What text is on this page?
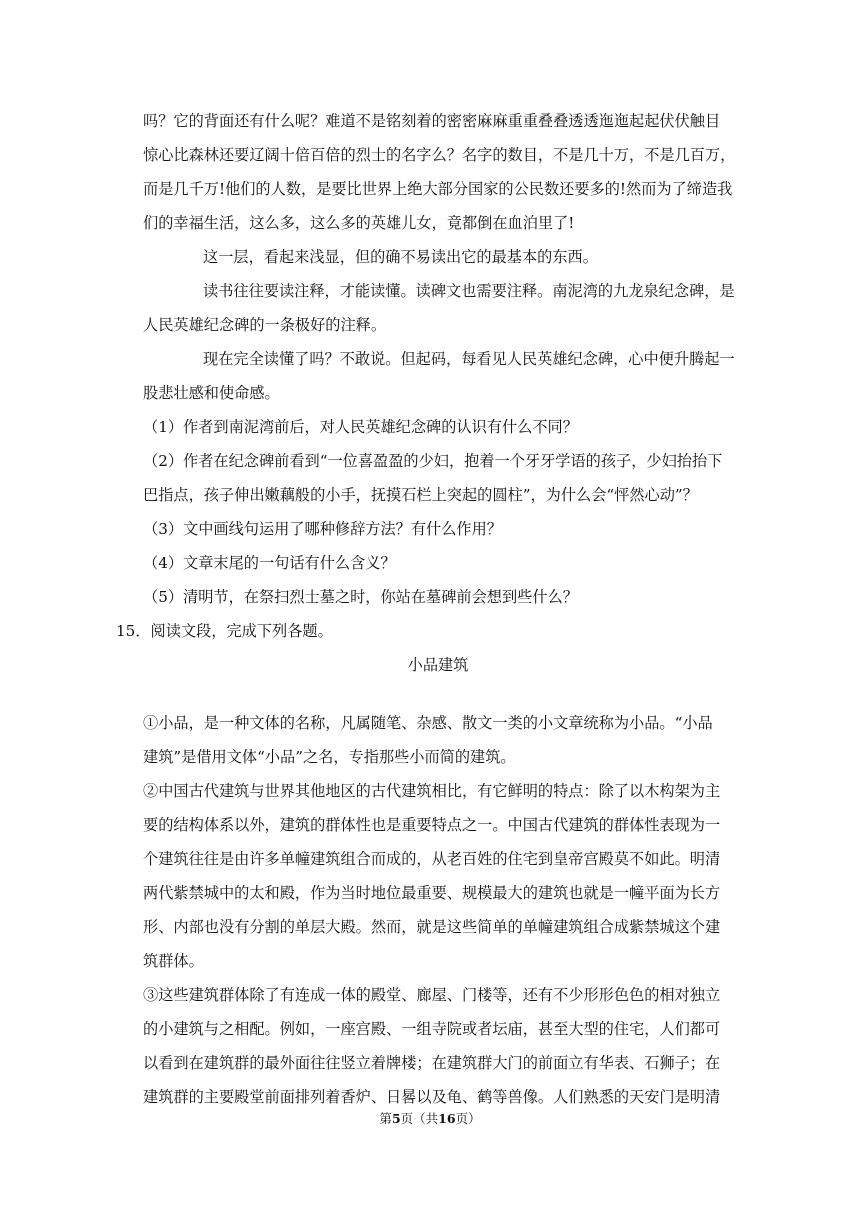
吗？它的背面还有什么呢？难道不是铭刻着的密密麻麻重重叠叠透透迤迤起起伏伏触目
惊心比森林还要辽阔十倍百倍的烈士的名字么？名字的数目，不是几十万，不是几百万，
而是几千万!他们的人数，是要比世界上绝大部分国家的公民数还要多的!然而为了缔造我
们的幸福生活，这么多，这么多的英雄儿女，竟都倒在血泊里了!
这一层，看起来浅显，但的确不易读出它的最基本的东西。
读书往往要读注释，才能读懂。读碑文也需要注释。南泥湾的九龙泉纪念碑，是
人民英雄纪念碑的一条极好的注释。
现在完全读懂了吗？不敢说。但起码，每看见人民英雄纪念碑，心中便升腾起一
股悲壮感和使命感。
（1）作者到南泥湾前后，对人民英雄纪念碑的认识有什么不同？
（2）作者在纪念碑前看到“一位喜盈盈的少妇，抱着一个牙牙学语的孩子，少妇抬抬下
巴指点，孩子伸出嫩藕般的小手，抚摸石栏上突起的圆柱”，为什么会“怦然心动”？
（3）文中画线句运用了哪种修辞方法？有什么作用？
（4）文章末尾的一句话有什么含义？
（5）清明节，在祭扫烈士墓之时，你站在墓碑前会想到些什么？
15．阅读文段，完成下列各题。
小品建筑
①小品，是一种文体的名称，凡属随笔、杂感、散文一类的小文章统称为小品。“小品
建筑”是借用文体“小品”之名，专指那些小而简的建筑。
②中国古代建筑与世界其他地区的古代建筑相比，有它鲜明的特点：除了以木构架为主
要的结构体系以外，建筑的群体性也是重要特点之一。中国古代建筑的群体性表现为一
个建筑往往是由许多单幢建筑组合而成的，从老百姓的住宅到皇帝宫殿莫不如此。明清
两代紫禁城中的太和殿，作为当时地位最重要、规模最大的建筑也就是一幢平面为长方
形、内部也没有分割的单层大殿。然而，就是这些简单的单幢建筑组合成紫禁城这个建
筑群体。
③这些建筑群体除了有连成一体的殿堂、廊屋、门楼等，还有不少形形色色的相对独立
的小建筑与之相配。例如，一座宫殿、一组寺院或者坛庙，甚至大型的住宅，人们都可
以看到在建筑群的最外面往往竖立着牌楼；在建筑群大门的前面立有华表、石狮子；在
建筑群的主要殿堂前面排列着香炉、日晷以及龟、鹤等兽像。人们熟悉的天安门是明清
第5页（共16页）
